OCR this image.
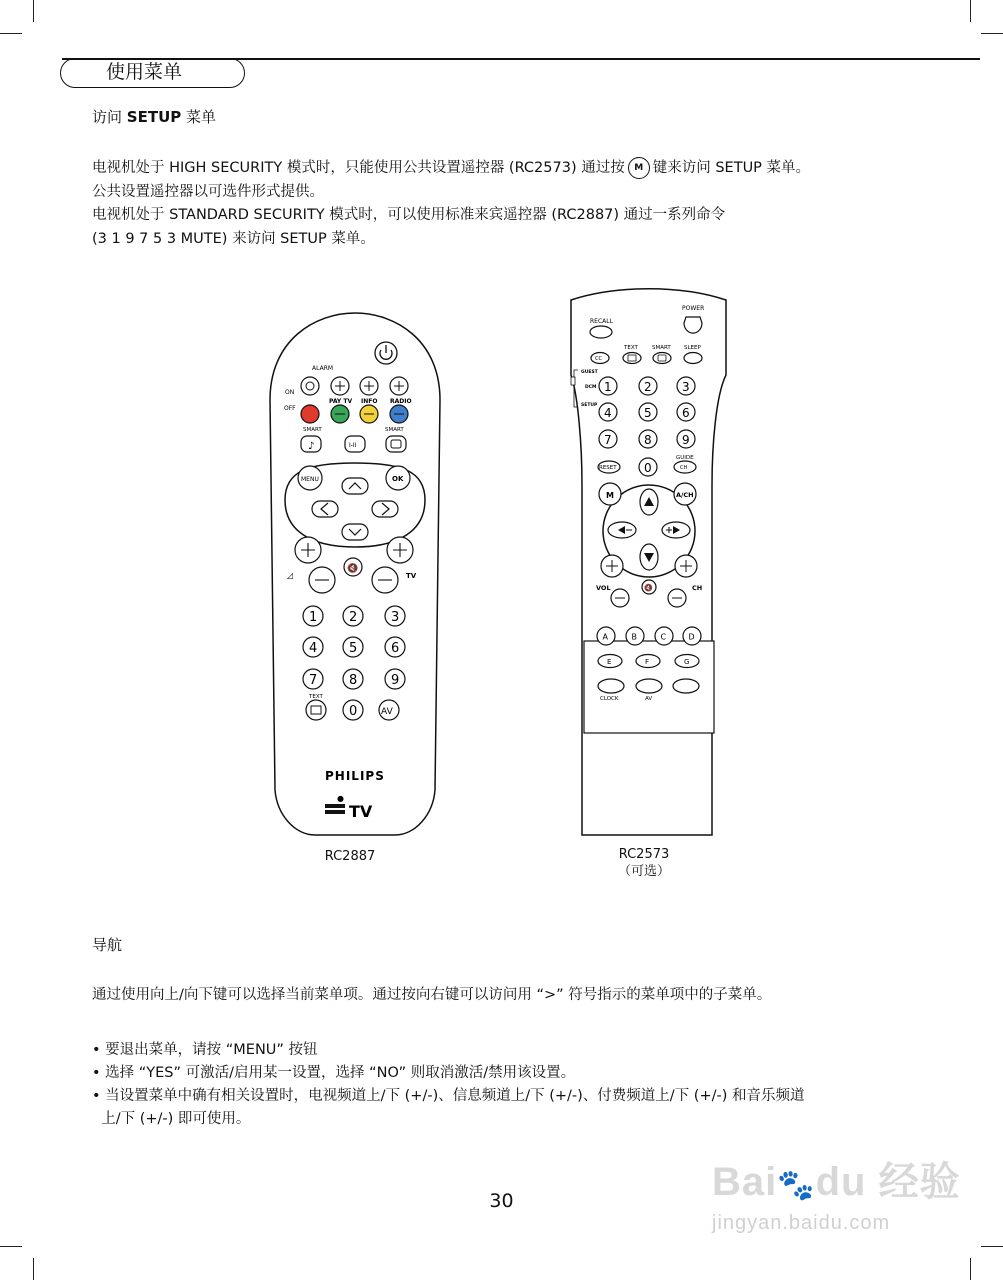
使用菜单
访问 SETUP 菜单
电视机处于 HIGH SECURITY 模式时，只能使用公共设置遥控器 (RC2573) 通过按 M 键来访问 SETUP 菜单。
公共设置遥控器以可选件形式提供。
电视机处于 STANDARD SECURITY 模式时，可以使用标准来宾遥控器 (RC2887) 通过一系列命令
(3 1 9 7 5 3 MUTE) 来访问 SETUP 菜单。
ALARM
ON
OFF
PAY TV INFO RADIO
SMART	SMART
♪	I-II
MENU	OK
🔇
◿	TV
1 2	3
4 5	6
7 8	9
0
TEXT
AV
PHILIPS
●
TV
RC2887
POWER
RECALL
TEXT	SMART SLEEP
CC
GUEST
DCM
SETUP
1	2	3
4	5	6
7	8	9
0
RESET
GUIDE
CH
M	A/CH
🔇
VOL	CH
A	B	C	D
E	F	G
CLOCK	AV
RC2573
（可选）
导航
通过使用向上/向下键可以选择当前菜单项。通过按向右键可以访问用 “>” 符号指示的菜单项中的子菜单。
• 要退出菜单，请按 “MENU” 按钮
• 选择 “YES” 可激活/启用某一设置，选择 “NO” 则取消激活/禁用该设置。
• 当设置菜单中确有相关设置时，电视频道上/下 (+/-)、信息频道上/下 (+/-)、付费频道上/下 (+/-) 和音乐频道
上/下 (+/-) 即可使用。
Bai🐾du 经验
jingyan.baidu.com
30
